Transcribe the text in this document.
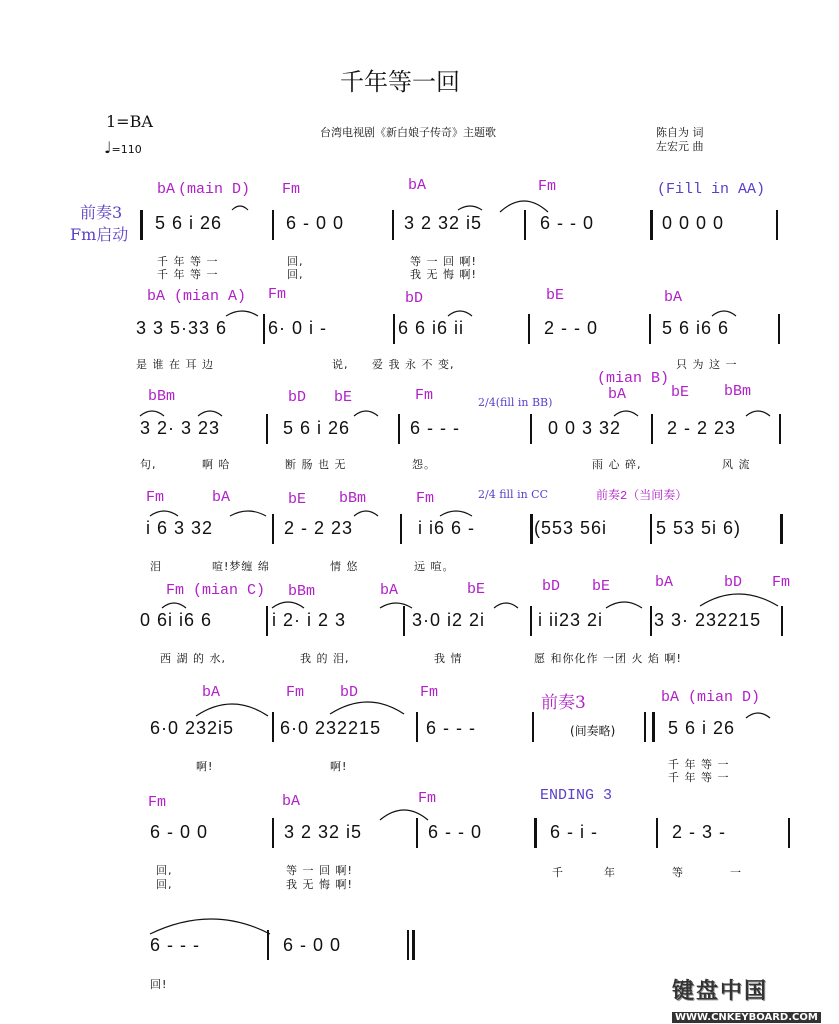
千年等一回
1=BA
♩=110
台湾电视剧《新白娘子传奇》主题歌	陈自为 词
左宏元 曲
前奏3
Fm启动
bA (main D) Fm	bA	Fm	(Fill in AA)
5 6 i 26	6 - 0 0	3 2 32 i5	6 - - 0	0 0 0 0
千 年 等 一	回,	等 一 回 啊!
千 年 等 一	回,	我 无 悔 啊!
bA (mian A) Fm	bD	bE	bA
3 3 5·33 6 6· 0 i -	6 6 i6 ii	2 - - 0	5 6 i6 6
是 谁 在 耳 边	说, 爱 我 永 不 变,	只 为 这 一
bBm	bD bE	Fm
(mian B)
bA	bE bBm
2/4(fill in BB)
3 2· 3 23	5 6 i 26	6 - - -	0 0 3 32	2 - 2 23
句,	啊 哈	断 肠 也 无	怨。	雨 心 碎,	风 流
Fm	bA	bE bBm	Fm	2/4 fill in CC	前奏2（当间奏）
i 6 3 32	2 - 2 23	i i6 6 -	(553 56i	5 53 5i 6)
泪	喧!梦缠 绵	情 悠	远 喧。
Fm (mian C) bBm	bA	bE	bD bE	bA	bD Fm
0 6i i6 6	i 2· i 2 3	3·0 i2 2i	i ii23 2i	3 3· 232215
西 湖 的 水,	我 的 泪,	我 情	愿 和你化作 一团 火 焰 啊!
bA	Fm bD	Fm
前奏3	bA (mian D)
6·0 232i5	6·0 232215 6 - - -	(间奏略)	5 6 i 26
啊!	啊!	千 年 等 一
千 年 等 一
Fm	bA	Fm	ENDING 3
6 - 0 0	3 2 32 i5	6 - - 0	6 - i -	2 - 3 -
回,	等 一 回 啊!	千	年	等	一
回,	我 无 悔 啊!
6 - - -	6 - 0 0
回!	键盘中国
WWW.CNKEYBOARD.COM
